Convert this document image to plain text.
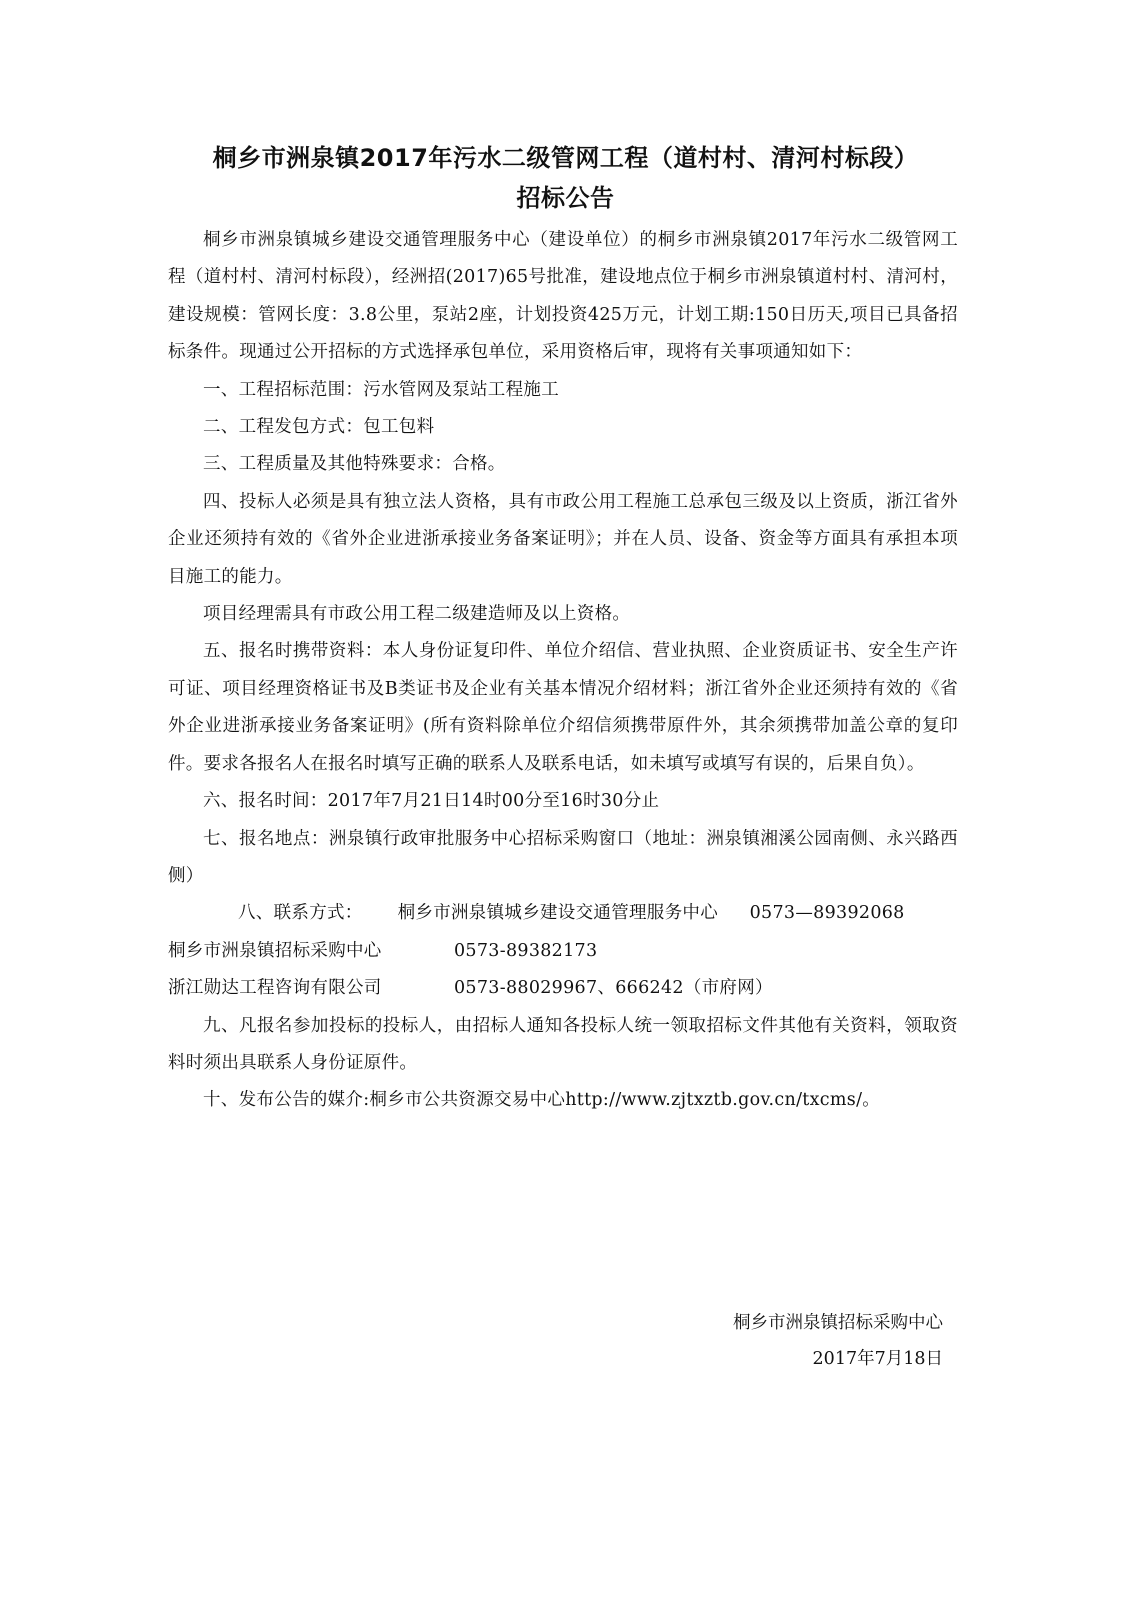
桐乡市洲泉镇2017年污水二级管网工程（道村村、清河村标段）
招标公告

桐乡市洲泉镇城乡建设交通管理服务中心（建设单位）的桐乡市洲泉镇2017年污水二级管网工程（道村村、清河村标段），经洲招(2017)65号批准，建设地点位于桐乡市洲泉镇道村村、清河村，建设规模：管网长度：3.8公里，泵站2座，计划投资425万元，计划工期:150日历天,项目已具备招标条件。现通过公开招标的方式选择承包单位，采用资格后审，现将有关事项通知如下：

一、工程招标范围：污水管网及泵站工程施工

二、工程发包方式：包工包料

三、工程质量及其他特殊要求：合格。

四、投标人必须是具有独立法人资格，具有市政公用工程施工总承包三级及以上资质，浙江省外企业还须持有效的《省外企业进浙承接业务备案证明》；并在人员、设备、资金等方面具有承担本项目施工的能力。

项目经理需具有市政公用工程二级建造师及以上资格。

五、报名时携带资料：本人身份证复印件、单位介绍信、营业执照、企业资质证书、安全生产许可证、项目经理资格证书及B类证书及企业有关基本情况介绍材料；浙江省外企业还须持有效的《省外企业进浙承接业务备案证明》(所有资料除单位介绍信须携带原件外，其余须携带加盖公章的复印件。要求各报名人在报名时填写正确的联系人及联系电话，如未填写或填写有误的，后果自负）。

六、报名时间：2017年7月21日14时00分至16时30分止

七、报名地点：洲泉镇行政审批服务中心招标采购窗口（地址：洲泉镇湘溪公园南侧、永兴路西侧）

八、联系方式： 桐乡市洲泉镇城乡建设交通管理服务中心 0573—89392068

桐乡市洲泉镇招标采购中心	0573-89382173

浙江勋达工程咨询有限公司	0573-88029967、666242（市府网）

九、凡报名参加投标的投标人，由招标人通知各投标人统一领取招标文件其他有关资料，领取资料时须出具联系人身份证原件。

十、发布公告的媒介:桐乡市公共资源交易中心http://www.zjtxztb.gov.cn/txcms/。

桐乡市洲泉镇招标采购中心
2017年7月18日
